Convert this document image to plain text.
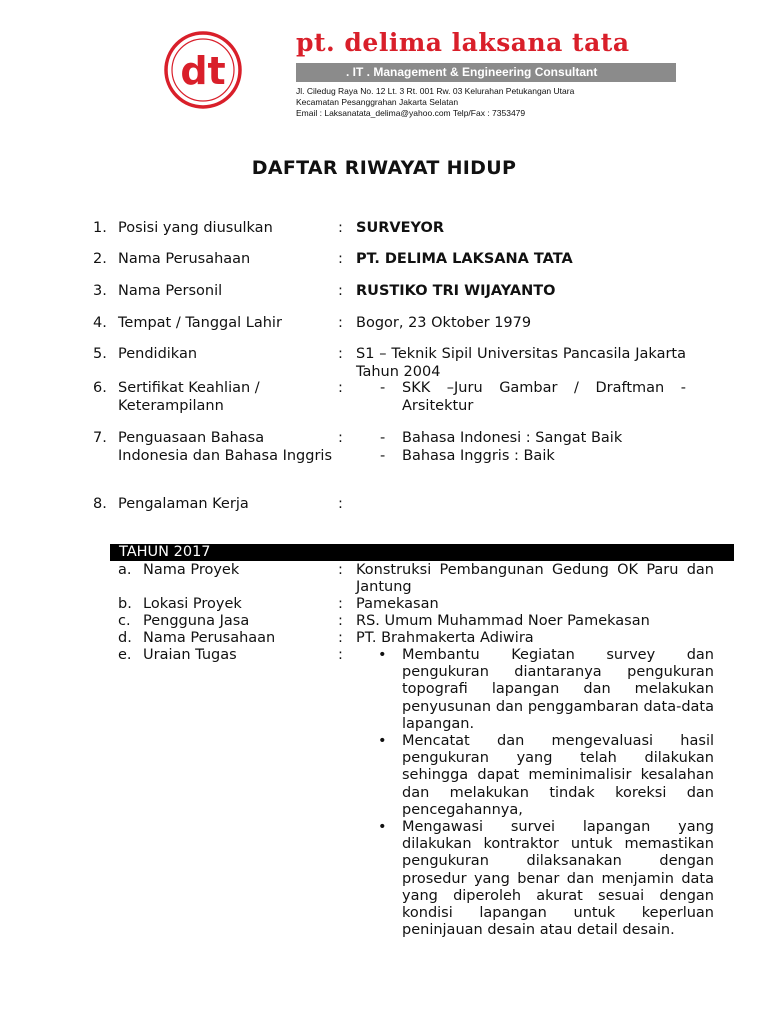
dt
pt. delima laksana tata
. IT . Management & Engineering Consultant
Jl. Ciledug Raya No. 12 Lt. 3 Rt. 001 Rw. 03 Kelurahan Petukangan Utara
Kecamatan Pesanggrahan Jakarta Selatan
Email : Laksanatata_delima@yahoo.com Telp/Fax : 7353479
DAFTAR RIWAYAT HIDUP
1. Posisi yang diusulkan	: SURVEYOR
2. Nama Perusahaan	: PT. DELIMA LAKSANA TATA
3. Nama Personil	: RUSTIKO TRI WIJAYANTO
4. Tempat / Tanggal Lahir	: Bogor, 23 Oktober 1979
5. Pendidikan	: S1 – Teknik Sipil Universitas Pancasila Jakarta Tahun 2004
6. Sertifikat Keahlian / Keterampilann
:	- SKK –Juru Gambar / Draftman - Arsitektur
7. Penguasaan Bahasa Indonesia dan Bahasa Inggris
:	- Bahasa Indonesi : Sangat Baik
- Bahasa Inggris : Baik
8. Pengalaman Kerja	:
TAHUN 2017
a. Nama Proyek	: Konstruksi Pembangunan Gedung OK Paru dan Jantung
b. Lokasi Proyek	: Pamekasan
c. Pengguna Jasa	: RS. Umum Muhammad Noer Pamekasan
d. Nama Perusahaan	: PT. Brahmakerta Adiwira
e. Uraian Tugas	: • Membantu Kegiatan survey dan pengukuran diantaranya pengukuran topografi lapangan dan melakukan penyusunan dan penggambaran data-data lapangan.
• Mencatat dan mengevaluasi hasil pengukuran yang telah dilakukan sehingga dapat meminimalisir kesalahan dan melakukan tindak koreksi dan pencegahannya,
• Mengawasi survei lapangan yang dilakukan kontraktor untuk memastikan pengukuran dilaksanakan dengan prosedur yang benar dan menjamin data yang diperoleh akurat sesuai dengan kondisi lapangan untuk keperluan peninjauan desain atau detail desain.
